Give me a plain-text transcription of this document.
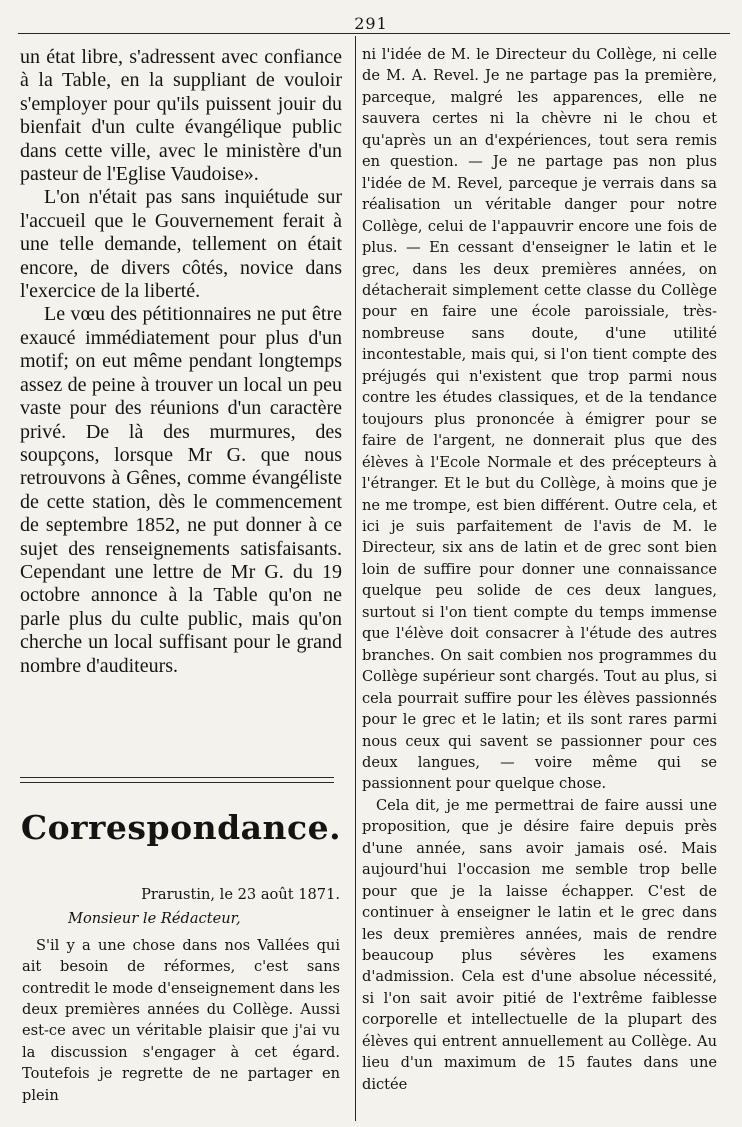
291

un état libre, s'adressent avec confiance à la Table, en la suppliant de vouloir s'employer pour qu'ils puissent jouir du bienfait d'un culte évangélique public dans cette ville, avec le ministère d'un pasteur de l'Eglise Vaudoise».

L'on n'était pas sans inquiétude sur l'accueil que le Gouvernement ferait à une telle demande, tellement on était encore, de divers côtés, novice dans l'exercice de la liberté.

Le vœu des pétitionnaires ne put être exaucé immédiatement pour plus d'un motif; on eut même pendant longtemps assez de peine à trouver un local un peu vaste pour des réunions d'un caractère privé. De là des murmures, des soupçons, lorsque Mr G. que nous retrouvons à Gênes, comme évangéliste de cette station, dès le commencement de septembre 1852, ne put donner à ce sujet des renseignements satisfaisants. Cependant une lettre de Mr G. du 19 octobre annonce à la Table qu'on ne parle plus du culte public, mais qu'on cherche un local suffisant pour le grand nombre d'auditeurs.

Correspondance.

Prarustin, le 23 août 1871.

Monsieur le Rédacteur,

S'il y a une chose dans nos Vallées qui ait besoin de réformes, c'est sans contredit le mode d'enseignement dans les deux premières années du Collège. Aussi est-ce avec un véritable plaisir que j'ai vu la discussion s'engager à cet égard. Toutefois je regrette de ne partager en plein

ni l'idée de M. le Directeur du Collège, ni celle de M. A. Revel. Je ne partage pas la première, parceque, malgré les apparences, elle ne sauvera certes ni la chèvre ni le chou et qu'après un an d'expériences, tout sera remis en question. — Je ne partage pas non plus l'idée de M. Revel, parceque je verrais dans sa réalisation un véritable danger pour notre Collège, celui de l'appauvrir encore une fois de plus. — En cessant d'enseigner le latin et le grec, dans les deux premières années, on détacherait simplement cette classe du Collège pour en faire une école paroissiale, très-nombreuse sans doute, d'une utilité incontestable, mais qui, si l'on tient compte des préjugés qui n'existent que trop parmi nous contre les études classiques, et de la tendance toujours plus prononcée à émigrer pour se faire de l'argent, ne donnerait plus que des élèves à l'Ecole Normale et des précepteurs à l'étranger. Et le but du Collège, à moins que je ne me trompe, est bien différent. Outre cela, et ici je suis parfaitement de l'avis de M. le Directeur, six ans de latin et de grec sont bien loin de suffire pour donner une connaissance quelque peu solide de ces deux langues, surtout si l'on tient compte du temps immense que l'élève doit consacrer à l'étude des autres branches. On sait combien nos programmes du Collège supérieur sont chargés. Tout au plus, si cela pourrait suffire pour les élèves passionnés pour le grec et le latin; et ils sont rares parmi nous ceux qui savent se passionner pour ces deux langues, — voire même qui se passionnent pour quelque chose.

Cela dit, je me permettrai de faire aussi une proposition, que je désire faire depuis près d'une année, sans avoir jamais osé. Mais aujourd'hui l'occasion me semble trop belle pour que je la laisse échapper. C'est de continuer à enseigner le latin et le grec dans les deux premières années, mais de rendre beaucoup plus sévères les examens d'admission. Cela est d'une absolue nécessité, si l'on sait avoir pitié de l'extrême faiblesse corporelle et intellectuelle de la plupart des élèves qui entrent annuellement au Collège. Au lieu d'un maximum de 15 fautes dans une dictée
